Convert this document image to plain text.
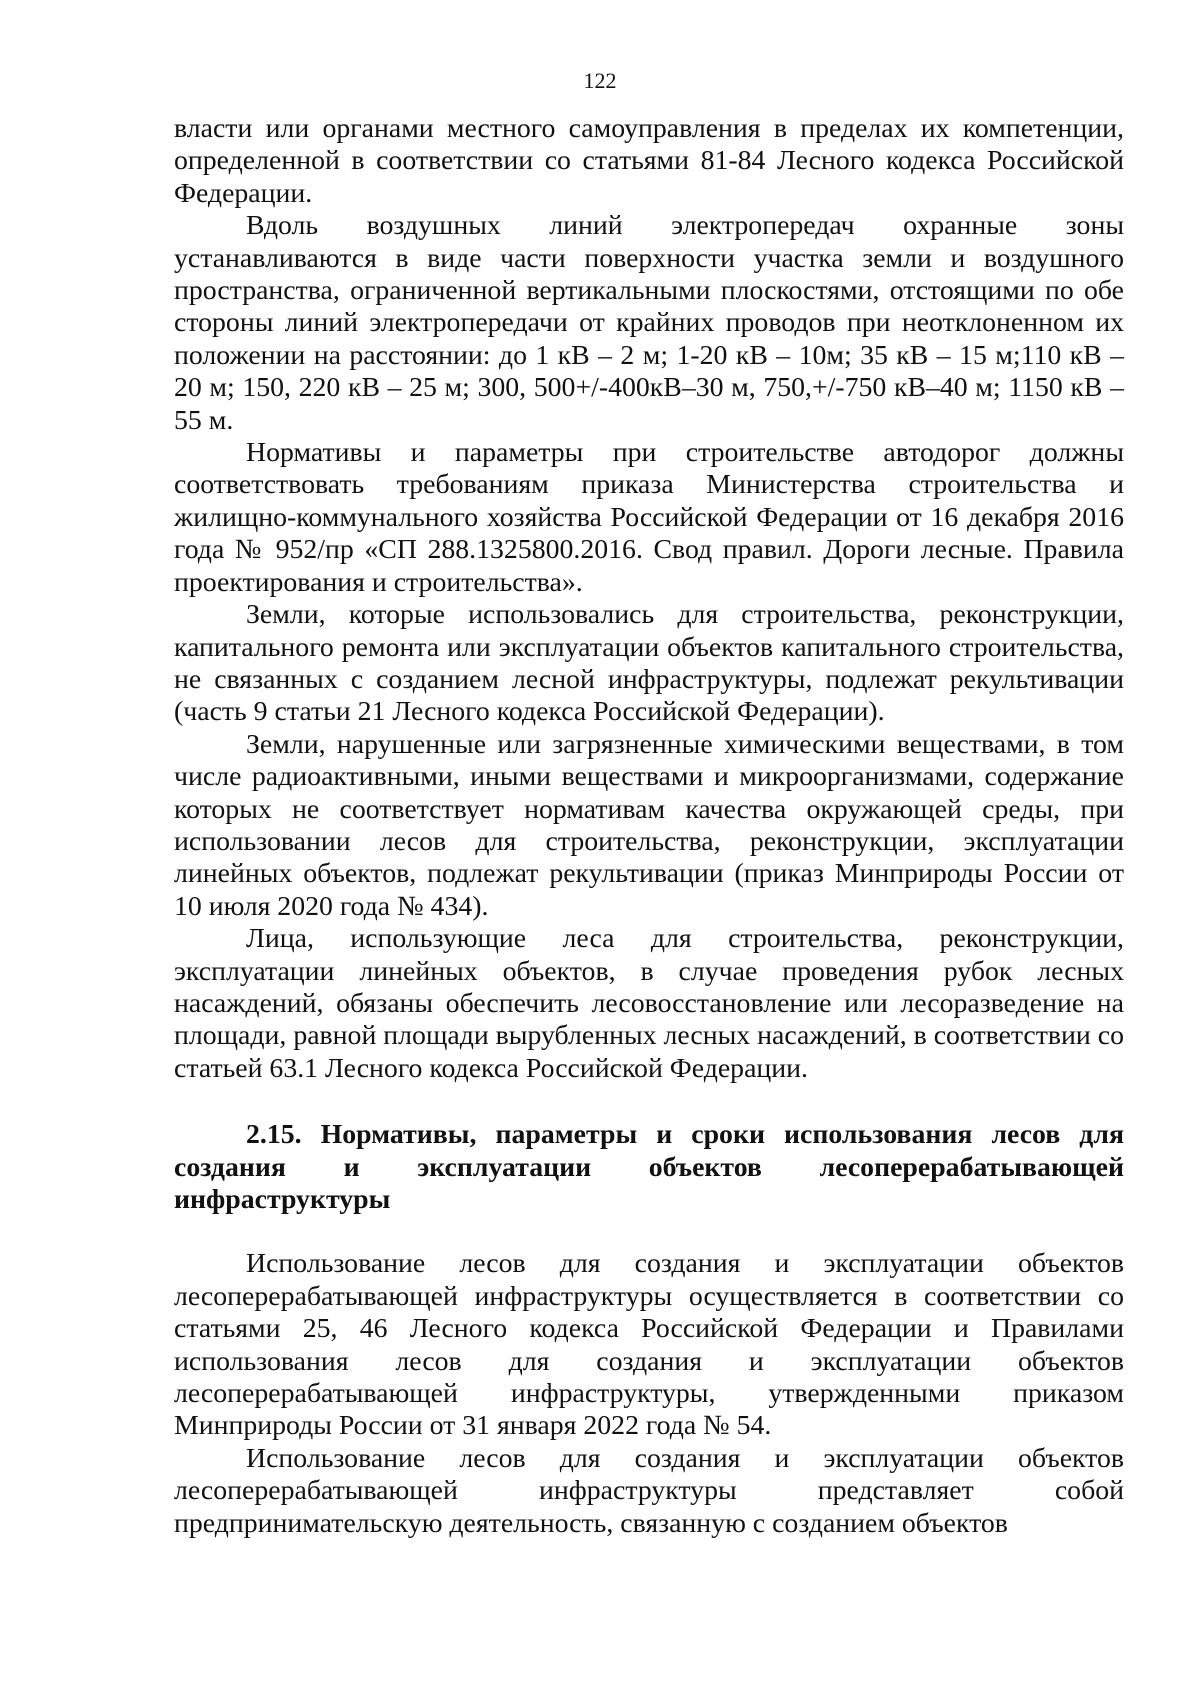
122

власти или органами местного самоуправления в пределах их компетенции, определенной в соответствии со статьями 81-84 Лесного кодекса Российской Федерации.

Вдоль воздушных линий электропередач охранные зоны устанавливаются в виде части поверхности участка земли и воздушного пространства, ограниченной вертикальными плоскостями, отстоящими по обе стороны линий электропередачи от крайних проводов при неотклоненном их положении на расстоянии: до 1 кВ – 2 м; 1-20 кВ – 10м; 35 кВ – 15 м;110 кВ – 20 м; 150, 220 кВ – 25 м; 300, 500+/-400кВ–30 м, 750,+/-750 кВ–40 м; 1150 кВ – 55 м.

Нормативы и параметры при строительстве автодорог должны соответствовать требованиям приказа Министерства строительства и жилищно-коммунального хозяйства Российской Федерации от 16 декабря 2016 года № 952/пр «СП 288.1325800.2016. Свод правил. Дороги лесные. Правила проектирования и строительства».

Земли, которые использовались для строительства, реконструкции, капитального ремонта или эксплуатации объектов капитального строительства, не связанных с созданием лесной инфраструктуры, подлежат рекультивации (часть 9 статьи 21 Лесного кодекса Российской Федерации).

Земли, нарушенные или загрязненные химическими веществами, в том числе радиоактивными, иными веществами и микроорганизмами, содержание которых не соответствует нормативам качества окружающей среды, при использовании лесов для строительства, реконструкции, эксплуатации линейных объектов, подлежат рекультивации (приказ Минприроды России от 10 июля 2020 года № 434).

Лица, использующие леса для строительства, реконструкции, эксплуатации линейных объектов, в случае проведения рубок лесных насаждений, обязаны обеспечить лесовосстановление или лесоразведение на площади, равной площади вырубленных лесных насаждений, в соответствии со статьей 63.1 Лесного кодекса Российской Федерации.

2.15. Нормативы, параметры и сроки использования лесов для создания и эксплуатации объектов лесоперерабатывающей инфраструктуры

Использование лесов для создания и эксплуатации объектов лесоперерабатывающей инфраструктуры осуществляется в соответствии со статьями 25, 46 Лесного кодекса Российской Федерации и Правилами использования лесов для создания и эксплуатации объектов лесоперерабатывающей инфраструктуры, утвержденными приказом Минприроды России от 31 января 2022 года № 54.

Использование лесов для создания и эксплуатации объектов лесоперерабатывающей инфраструктуры представляет собой предпринимательскую деятельность, связанную с созданием объектов
